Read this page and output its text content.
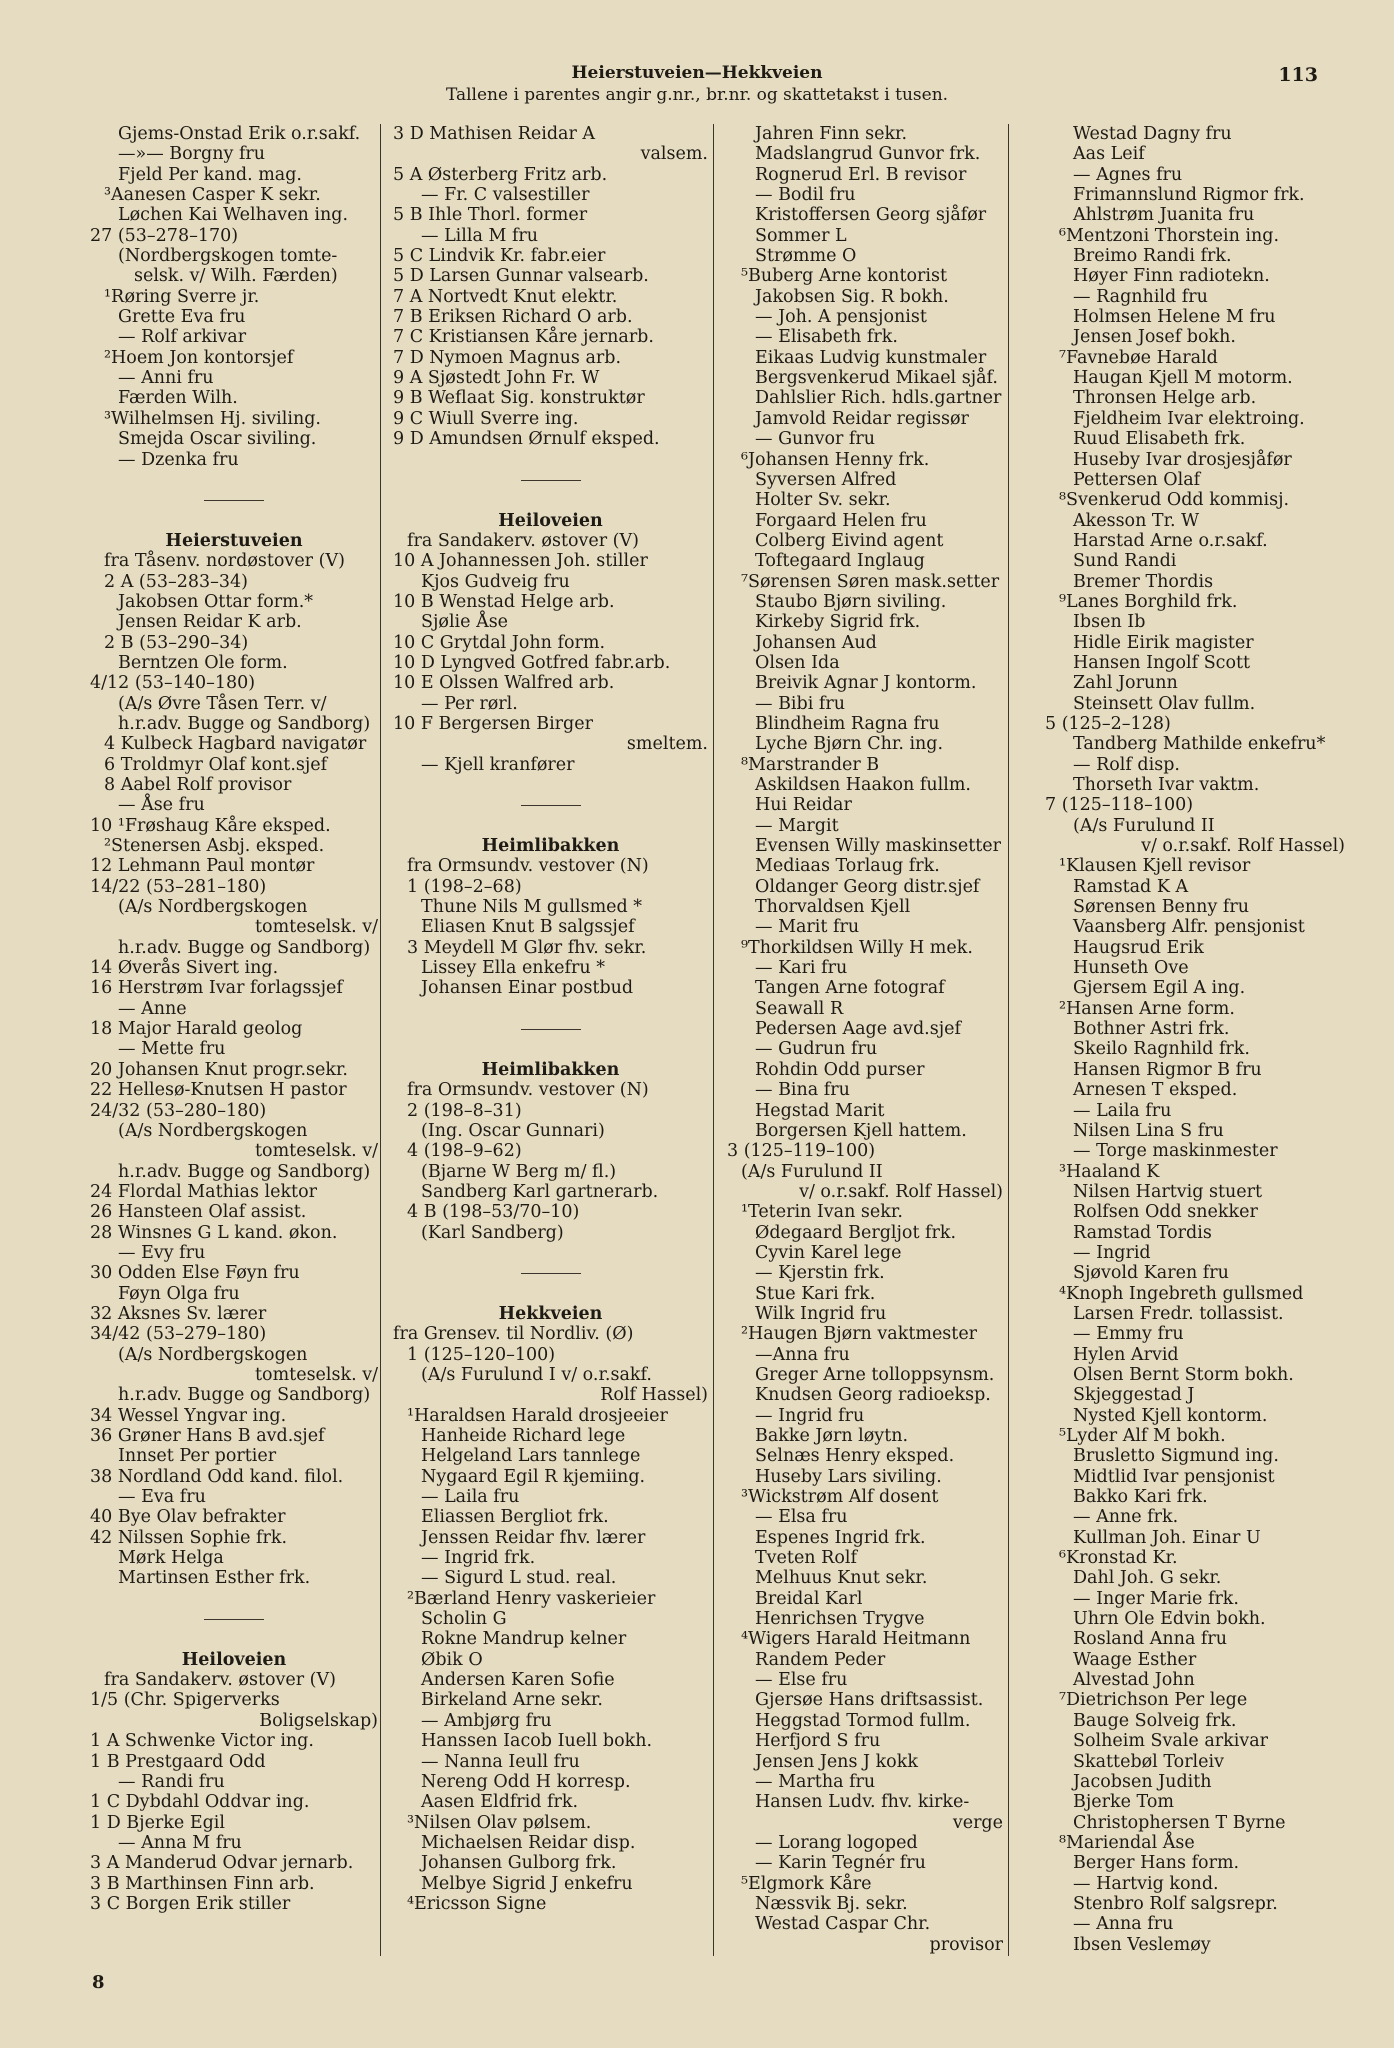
Heierstuveien—Hekkveien
Tallene i parentes angir g.nr., br.nr. og skattetakst i tusen.
113
Gjems-Onstad Erik o.r.sakf.
—»— Borgny fru
Fjeld Per kand. mag.
³Aanesen Casper K sekr.
Løchen Kai Welhaven ing.
27 (53–278–170)
(Nordbergskogen tomte-
selsk. v/ Wilh. Færden)
¹Røring Sverre jr.
Grette Eva fru
— Rolf arkivar
²Hoem Jon kontorsjef
— Anni fru
Færden Wilh.
³Wilhelmsen Hj. siviling.
Smejda Oscar siviling.
— Dzenka fru
Heierstuveien
fra Tåsenv. nordøstover (V)
2 A (53–283–34)
Jakobsen Ottar form.*
Jensen Reidar K arb.
2 B (53–290–34)
Berntzen Ole form.
4/12 (53–140–180)
(A/s Øvre Tåsen Terr. v/
h.r.adv. Bugge og Sandborg)
4 Kulbeck Hagbard navigatør
6 Troldmyr Olaf kont.sjef
8 Aabel Rolf provisor
— Åse fru
10 ¹Frøshaug Kåre eksped.
²Stenersen Asbj. eksped.
12 Lehmann Paul montør
14/22 (53–281–180)
(A/s Nordbergskogen
tomteselsk. v/
h.r.adv. Bugge og Sandborg)
14 Øverås Sivert ing.
16 Herstrøm Ivar forlagssjef
— Anne
18 Major Harald geolog
— Mette fru
20 Johansen Knut progr.sekr.
22 Hellesø-Knutsen H pastor
24/32 (53–280–180)
(A/s Nordbergskogen
tomteselsk. v/
h.r.adv. Bugge og Sandborg)
24 Flordal Mathias lektor
26 Hansteen Olaf assist.
28 Winsnes G L kand. økon.
— Evy fru
30 Odden Else Føyn fru
Føyn Olga fru
32 Aksnes Sv. lærer
34/42 (53–279–180)
(A/s Nordbergskogen
tomteselsk. v/
h.r.adv. Bugge og Sandborg)
34 Wessel Yngvar ing.
36 Grøner Hans B avd.sjef
Innset Per portier
38 Nordland Odd kand. filol.
— Eva fru
40 Bye Olav befrakter
42 Nilssen Sophie frk.
Mørk Helga
Martinsen Esther frk.
Heiloveien
fra Sandakerv. østover (V)
1/5 (Chr. Spigerverks
Boligselskap)
1 A Schwenke Victor ing.
1 B Prestgaard Odd
— Randi fru
1 C Dybdahl Oddvar ing.
1 D Bjerke Egil
— Anna M fru
3 A Manderud Odvar jernarb.
3 B Marthinsen Finn arb.
3 C Borgen Erik stiller
3 D Mathisen Reidar A
valsem.
5 A Østerberg Fritz arb.
— Fr. C valsestiller
5 B Ihle Thorl. former
— Lilla M fru
5 C Lindvik Kr. fabr.eier
5 D Larsen Gunnar valsearb.
7 A Nortvedt Knut elektr.
7 B Eriksen Richard O arb.
7 C Kristiansen Kåre jernarb.
7 D Nymoen Magnus arb.
9 A Sjøstedt John Fr. W
9 B Weflaat Sig. konstruktør
9 C Wiull Sverre ing.
9 D Amundsen Ørnulf eksped.
Heiloveien
fra Sandakerv. østover (V)
10 A Johannessen Joh. stiller
Kjos Gudveig fru
10 B Wenstad Helge arb.
Sjølie Åse
10 C Grytdal John form.
10 D Lyngved Gotfred fabr.arb.
10 E Olssen Walfred arb.
— Per rørl.
10 F Bergersen Birger
smeltem.
— Kjell kranfører
Heimlibakken
fra Ormsundv. vestover (N)
1 (198–2–68)
Thune Nils M gullsmed *
Eliasen Knut B salgssjef
3 Meydell M Glør fhv. sekr.
Lissey Ella enkefru *
Johansen Einar postbud
Heimlibakken
fra Ormsundv. vestover (N)
2 (198–8–31)
(Ing. Oscar Gunnari)
4 (198–9–62)
(Bjarne W Berg m/ fl.)
Sandberg Karl gartnerarb.
4 B (198–53/70–10)
(Karl Sandberg)
Hekkveien
fra Grensev. til Nordliv. (Ø)
1 (125–120–100)
(A/s Furulund I v/ o.r.sakf.
Rolf Hassel)
¹Haraldsen Harald drosjeeier
Hanheide Richard lege
Helgeland Lars tannlege
Nygaard Egil R kjemiing.
— Laila fru
Eliassen Bergliot frk.
Jenssen Reidar fhv. lærer
— Ingrid frk.
— Sigurd L stud. real.
²Bærland Henry vaskerieier
Scholin G
Rokne Mandrup kelner
Øbik O
Andersen Karen Sofie
Birkeland Arne sekr.
— Ambjørg fru
Hanssen Iacob Iuell bokh.
— Nanna Ieull fru
Nereng Odd H korresp.
Aasen Eldfrid frk.
³Nilsen Olav pølsem.
Michaelsen Reidar disp.
Johansen Gulborg frk.
Melbye Sigrid J enkefru
⁴Ericsson Signe
Jahren Finn sekr.
Madslangrud Gunvor frk.
Rognerud Erl. B revisor
— Bodil fru
Kristoffersen Georg sjåfør
Sommer L
Strømme O
⁵Buberg Arne kontorist
Jakobsen Sig. R bokh.
— Joh. A pensjonist
— Elisabeth frk.
Eikaas Ludvig kunstmaler
Bergsvenkerud Mikael sjåf.
Dahlslier Rich. hdls.gartner
Jamvold Reidar regissør
— Gunvor fru
⁶Johansen Henny frk.
Syversen Alfred
Holter Sv. sekr.
Forgaard Helen fru
Colberg Eivind agent
Toftegaard Inglaug
⁷Sørensen Søren mask.setter
Staubo Bjørn siviling.
Kirkeby Sigrid frk.
Johansen Aud
Olsen Ida
Breivik Agnar J kontorm.
— Bibi fru
Blindheim Ragna fru
Lyche Bjørn Chr. ing.
⁸Marstrander B
Askildsen Haakon fullm.
Hui Reidar
— Margit
Evensen Willy maskinsetter
Mediaas Torlaug frk.
Oldanger Georg distr.sjef
Thorvaldsen Kjell
— Marit fru
⁹Thorkildsen Willy H mek.
— Kari fru
Tangen Arne fotograf
Seawall R
Pedersen Aage avd.sjef
— Gudrun fru
Rohdin Odd purser
— Bina fru
Hegstad Marit
Borgersen Kjell hattem.
3 (125–119–100)
(A/s Furulund II
v/ o.r.sakf. Rolf Hassel)
¹Teterin Ivan sekr.
Ødegaard Bergljot frk.
Cyvin Karel lege
— Kjerstin frk.
Stue Kari frk.
Wilk Ingrid fru
²Haugen Bjørn vaktmester
—Anna fru
Greger Arne tolloppsynsm.
Knudsen Georg radioeksp.
— Ingrid fru
Bakke Jørn løytn.
Selnæs Henry eksped.
Huseby Lars siviling.
³Wickstrøm Alf dosent
— Elsa fru
Espenes Ingrid frk.
Tveten Rolf
Melhuus Knut sekr.
Breidal Karl
Henrichsen Trygve
⁴Wigers Harald Heitmann
Randem Peder
— Else fru
Gjersøe Hans driftsassist.
Heggstad Tormod fullm.
Herfjord S fru
Jensen Jens J kokk
— Martha fru
Hansen Ludv. fhv. kirke-
verge
— Lorang logoped
— Karin Tegnér fru
⁵Elgmork Kåre
Næssvik Bj. sekr.
Westad Caspar Chr.
provisor
Westad Dagny fru
Aas Leif
— Agnes fru
Frimannslund Rigmor frk.
Ahlstrøm Juanita fru
⁶Mentzoni Thorstein ing.
Breimo Randi frk.
Høyer Finn radiotekn.
— Ragnhild fru
Holmsen Helene M fru
Jensen Josef bokh.
⁷Favnebøe Harald
Haugan Kjell M motorm.
Thronsen Helge arb.
Fjeldheim Ivar elektroing.
Ruud Elisabeth frk.
Huseby Ivar drosjesjåfør
Pettersen Olaf
⁸Svenkerud Odd kommisj.
Akesson Tr. W
Harstad Arne o.r.sakf.
Sund Randi
Bremer Thordis
⁹Lanes Borghild frk.
Ibsen Ib
Hidle Eirik magister
Hansen Ingolf Scott
Zahl Jorunn
Steinsett Olav fullm.
5 (125–2–128)
Tandberg Mathilde enkefru*
— Rolf disp.
Thorseth Ivar vaktm.
7 (125–118–100)
(A/s Furulund II
v/ o.r.sakf. Rolf Hassel)
¹Klausen Kjell revisor
Ramstad K A
Sørensen Benny fru
Vaansberg Alfr. pensjonist
Haugsrud Erik
Hunseth Ove
Gjersem Egil A ing.
²Hansen Arne form.
Bothner Astri frk.
Skeilo Ragnhild frk.
Hansen Rigmor B fru
Arnesen T eksped.
— Laila fru
Nilsen Lina S fru
— Torge maskinmester
³Haaland K
Nilsen Hartvig stuert
Rolfsen Odd snekker
Ramstad Tordis
— Ingrid
Sjøvold Karen fru
⁴Knoph Ingebreth gullsmed
Larsen Fredr. tollassist.
— Emmy fru
Hylen Arvid
Olsen Bernt Storm bokh.
Skjeggestad J
Nysted Kjell kontorm.
⁵Lyder Alf M bokh.
Brusletto Sigmund ing.
Midtlid Ivar pensjonist
Bakko Kari frk.
— Anne frk.
Kullman Joh. Einar U
⁶Kronstad Kr.
Dahl Joh. G sekr.
— Inger Marie frk.
Uhrn Ole Edvin bokh.
Rosland Anna fru
Waage Esther
Alvestad John
⁷Dietrichson Per lege
Bauge Solveig frk.
Solheim Svale arkivar
Skattebøl Torleiv
Jacobsen Judith
Bjerke Tom
Christophersen T Byrne
⁸Mariendal Åse
Berger Hans form.
— Hartvig kond.
Stenbro Rolf salgsrepr.
— Anna fru
Ibsen Veslemøy
8
